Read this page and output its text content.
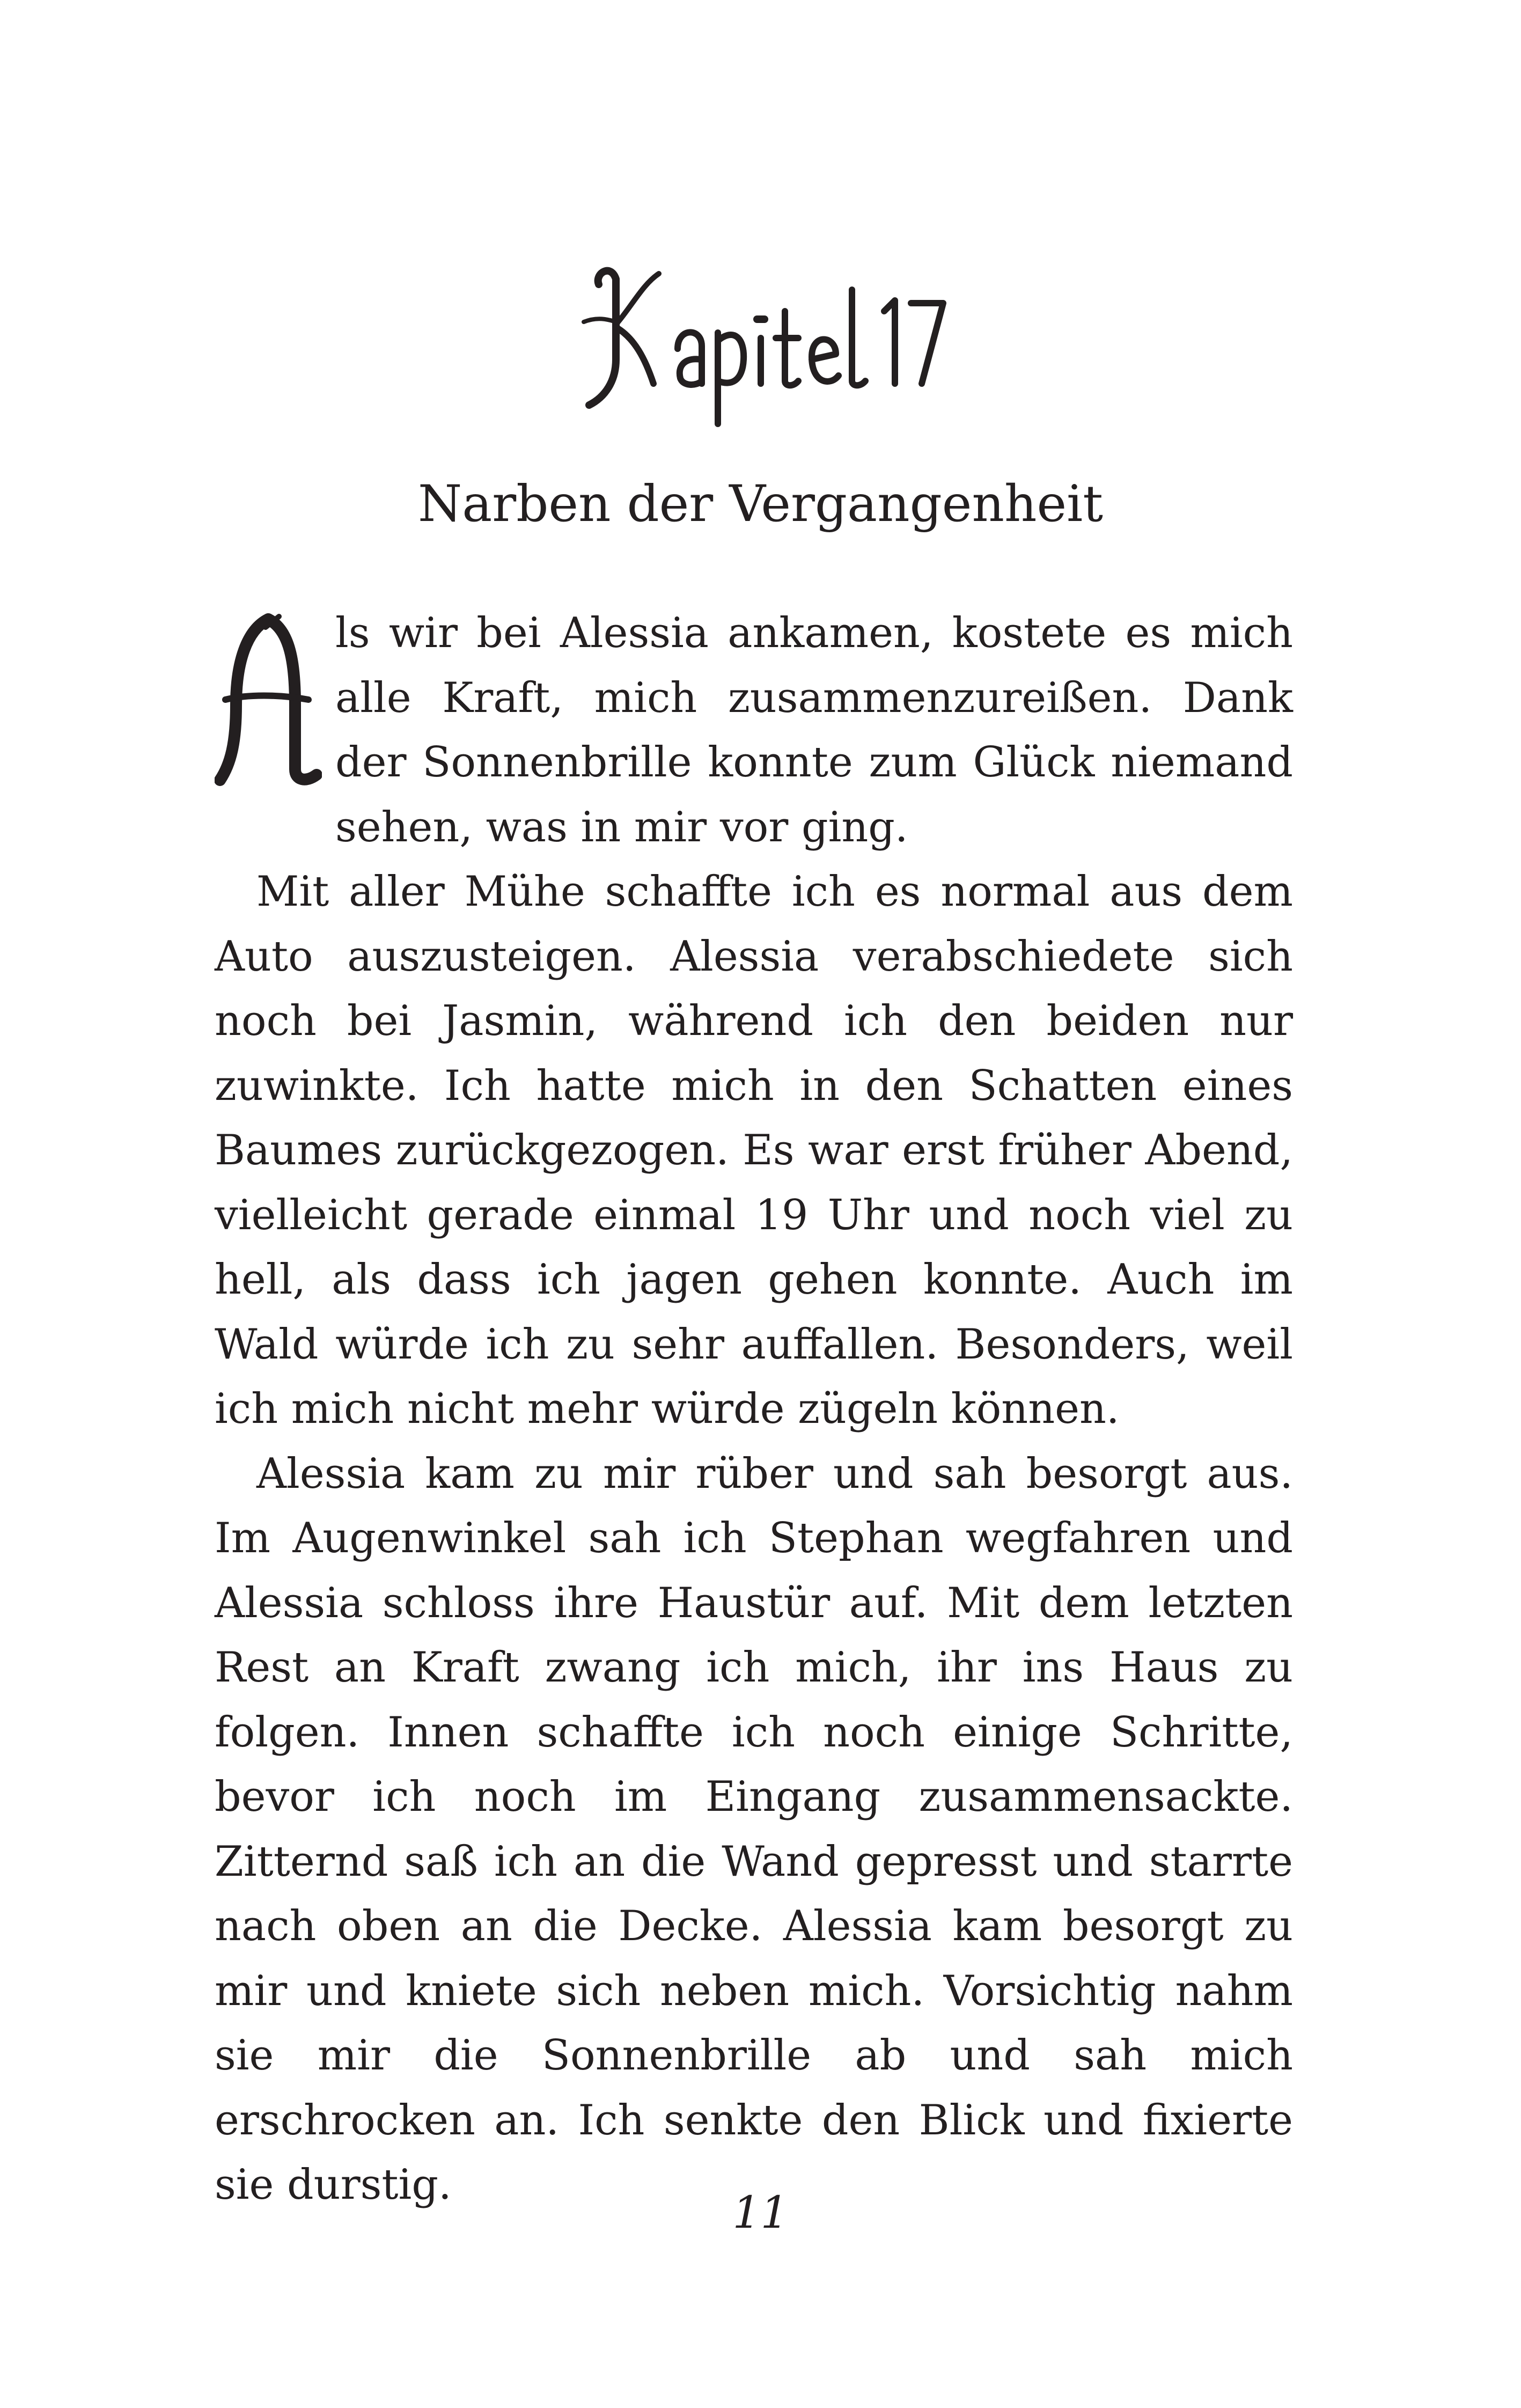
Narben der Vergangenheit

ls wir bei Alessia ankamen, kostete es mich alle Kraft, mich zusammenzureißen. Dank der Sonnenbrille konnte zum Glück niemand sehen, was in mir vor ging.

Mit aller Mühe schaffte ich es normal aus dem Auto auszusteigen. Alessia verabschiedete sich noch bei Jasmin, während ich den beiden nur zuwinkte. Ich hatte mich in den Schatten eines Baumes zurückgezogen. Es war erst früher Abend, vielleicht gerade einmal 19 Uhr und noch viel zu hell, als dass ich jagen gehen konnte. Auch im Wald würde ich zu sehr auffallen. Besonders, weil ich mich nicht mehr würde zügeln können.

Alessia kam zu mir rüber und sah besorgt aus. Im Augenwinkel sah ich Stephan wegfahren und Alessia schloss ihre Haustür auf. Mit dem letzten Rest an Kraft zwang ich mich, ihr ins Haus zu folgen. Innen schaffte ich noch einige Schritte, bevor ich noch im Eingang zusammensackte. Zitternd saß ich an die Wand gepresst und starrte nach oben an die Decke. Alessia kam besorgt zu mir und kniete sich neben mich. Vorsichtig nahm sie mir die Sonnenbrille ab und sah mich erschrocken an. Ich senkte den Blick und fixierte sie durstig.

11
